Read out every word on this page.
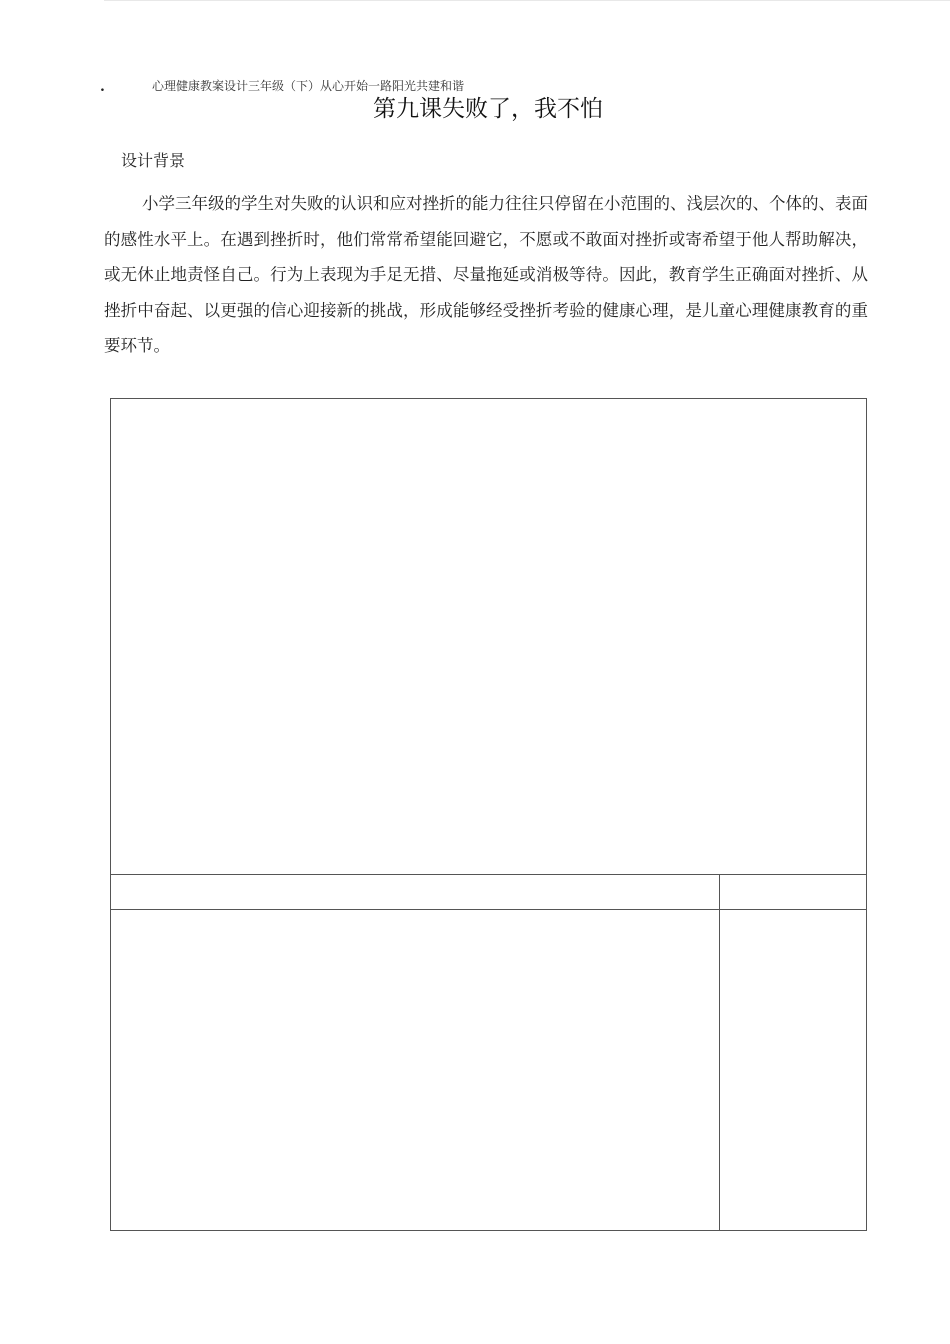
.	心理健康教案设计三年级（下）从心开始一路阳光共建和谐
第九课失败了，我不怕
设计背景

小学三年级的学生对失败的认识和应对挫折的能力往往只停留在小范围的、浅层次的、个体的、表面的感性水平上。在遇到挫折时，他们常常希望能回避它，不愿或不敢面对挫折或寄希望于他人帮助解决，或无休止地责怪自己。行为上表现为手足无措、尽量拖延或消极等待。因此，教育学生正确面对挫折、从挫折中奋起、以更强的信心迎接新的挑战，形成能够经受挫折考验的健康心理，是儿童心理健康教育的重要环节。
